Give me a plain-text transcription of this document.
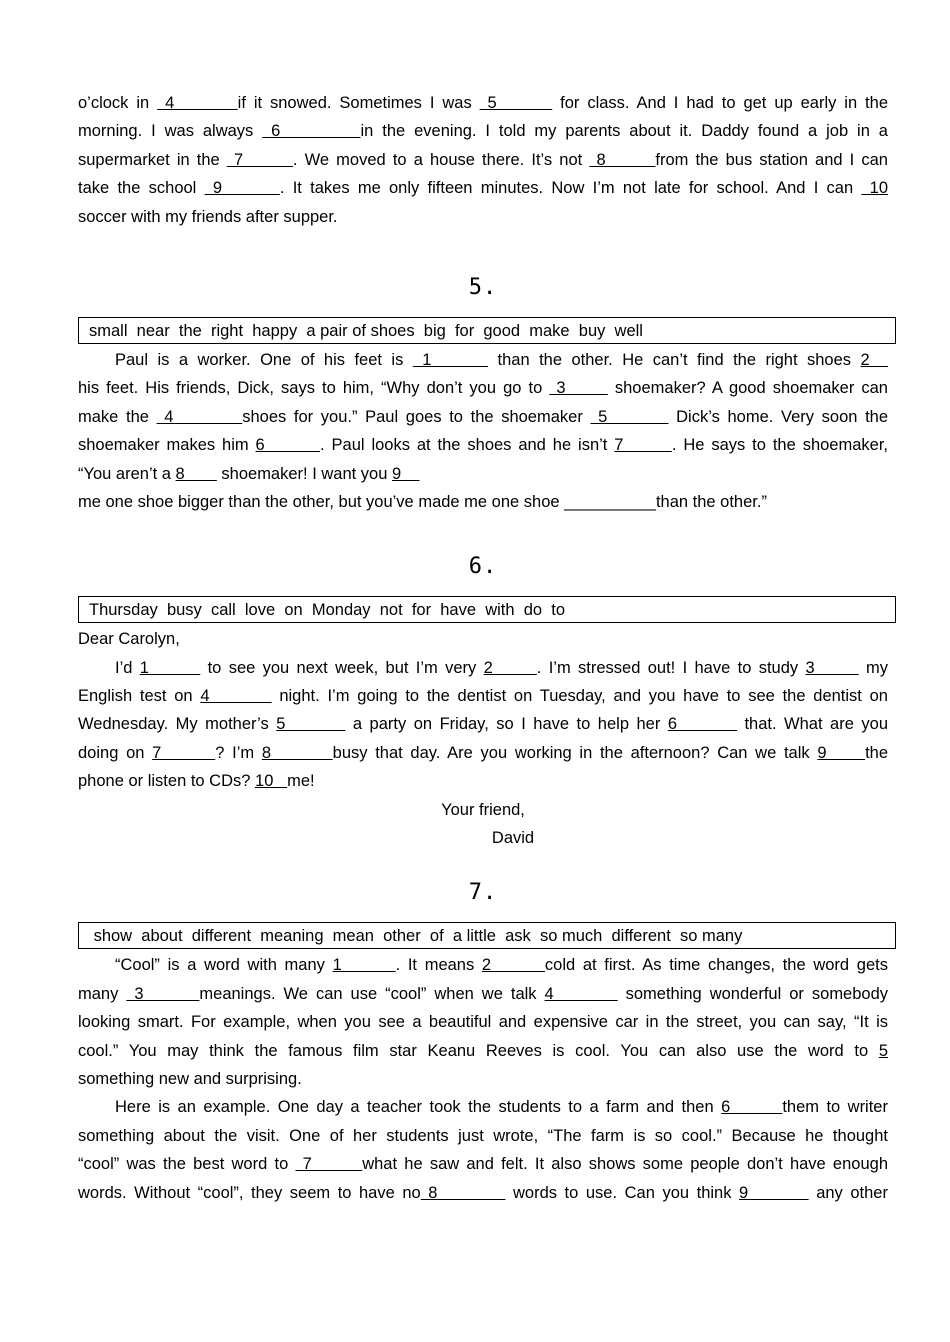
o’clock in  4        if it snowed. Sometimes I was  5        for class. And I had to get up early in the
morning. I was always  6         in the evening. I told my parents about it. Daddy found a job in a
supermarket in the  7       . We moved to a house there. It’s not  8       from the bus station and I can
take the school  9       . It takes me only fifteen minutes. Now I’m not late for school. And I can  10
soccer with my friends after supper.
5.
small  near  the  right  happy  a pair of shoes  big  for  good  make  buy  well
Paul is a worker. One of his feet is  1       than the other. He can’t find the right shoes 2
his feet. His friends, Dick, says to him, “Why don’t you go to  3       shoemaker? A good shoemaker can
make the  4         shoes for you.” Paul goes to the shoemaker  5         Dick’s home. Very soon the
shoemaker makes him 6        . Paul looks at the shoes and he isn’t 7       . He says to the shoemaker,
“You aren’t a 8        shoemaker! I want you 9
me one shoe bigger than the other, but you’ve made me one shoe __________than the other.”
6.
Thursday  busy  call  love  on  Monday  not  for  have  with  do  to
Dear Carolyn,
I’d 1        to see you next week, but I’m very 2      . I’m stressed out! I have to study 3       my
English test on 4         night. I’m going to the dentist on Tuesday, and you have to see the dentist on
Wednesday. My mother’s 5         a party on Friday, so I have to help her 6         that. What are you
doing on 7       ? I’m 8        busy that day. Are you working in the afternoon? Can we talk 9     the
phone or listen to CDs? 10   me!
Your friend,
David
7.
show  about  different  meaning  mean  other  of  a little  ask  so much  different  so many
“Cool” is a word with many 1       . It means 2       cold at first. As time changes, the word gets
many  3       meanings. We can use “cool” when we talk 4         something wonderful or somebody
looking smart. For example, when you see a beautiful and expensive car in the street, you can say, “It is
cool.” You may think the famous film star Keanu Reeves is cool. You can also use the word to 5
something new and surprising.
Here is an example. One day a teacher took the students to a farm and then 6       them to writer
something about the visit. One of her students just wrote, “The farm is so cool.” Because he thought
“cool” was the best word to  7       what he saw and felt. It also shows some people don’t have enough
words. Without “cool”, they seem to have no 8          words to use. Can you think 9         any other
